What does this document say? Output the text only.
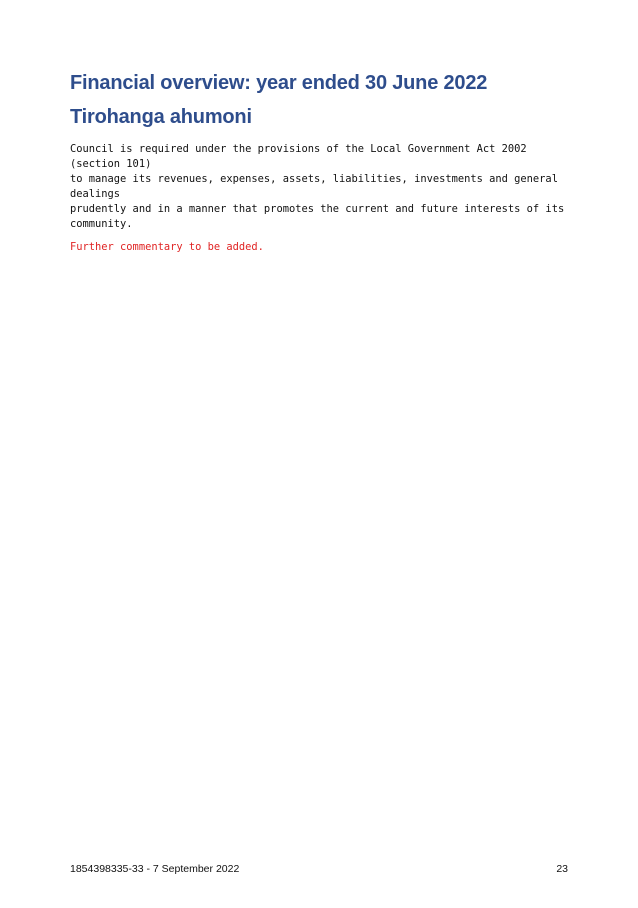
Financial overview: year ended 30 June 2022
Tirohanga ahumoni

Council is required under the provisions of the Local Government Act 2002 (section 101)
to manage its revenues, expenses, assets, liabilities, investments and general dealings
prudently and in a manner that promotes the current and future interests of its
community.

Further commentary to be added.

1854398335-33 - 7 September 2022	23
